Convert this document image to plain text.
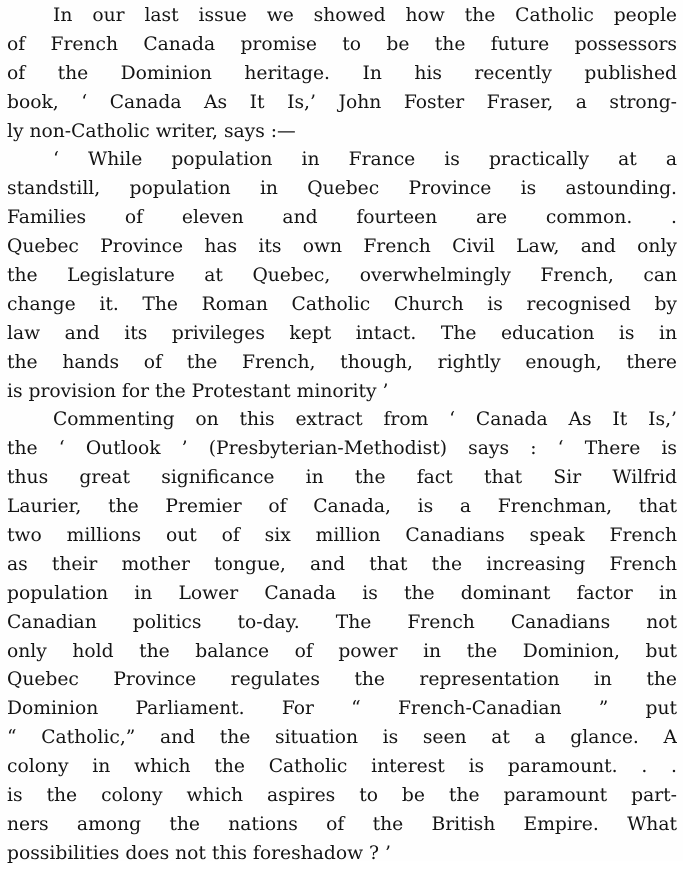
In our last issue we showed how the Catholic people
of French Canada promise to be the future possessors
of the Dominion heritage. In his recently published
book, ‘ Canada As It Is,’ John Foster Fraser, a strong-
ly non-Catholic writer, says :—
‘ While population in France is practically at a
standstill, population in Quebec Province is astounding.
Families of eleven and fourteen are common. .
Quebec Province has its own French Civil Law, and only
the Legislature at Quebec, overwhelmingly French, can
change it. The Roman Catholic Church is recognised by
law and its privileges kept intact. The education is in
the hands of the French, though, rightly enough, there
is provision for the Protestant minority ’
Commenting on this extract from ‘ Canada As It Is,’
the ‘ Outlook ’ (Presbyterian-Methodist) says : ‘ There is
thus great significance in the fact that Sir Wilfrid
Laurier, the Premier of Canada, is a Frenchman, that
two millions out of six million Canadians speak French
as their mother tongue, and that the increasing French
population in Lower Canada is the dominant factor in
Canadian politics to-day. The French Canadians not
only hold the balance of power in the Dominion, but
Quebec Province regulates the representation in the
Dominion Parliament. For “ French-Canadian ” put
“ Catholic,” and the situation is seen at a glance. A
colony in which the Catholic interest is paramount. . .
is the colony which aspires to be the paramount part-
ners among the nations of the British Empire. What
possibilities does not this foreshadow ? ’
